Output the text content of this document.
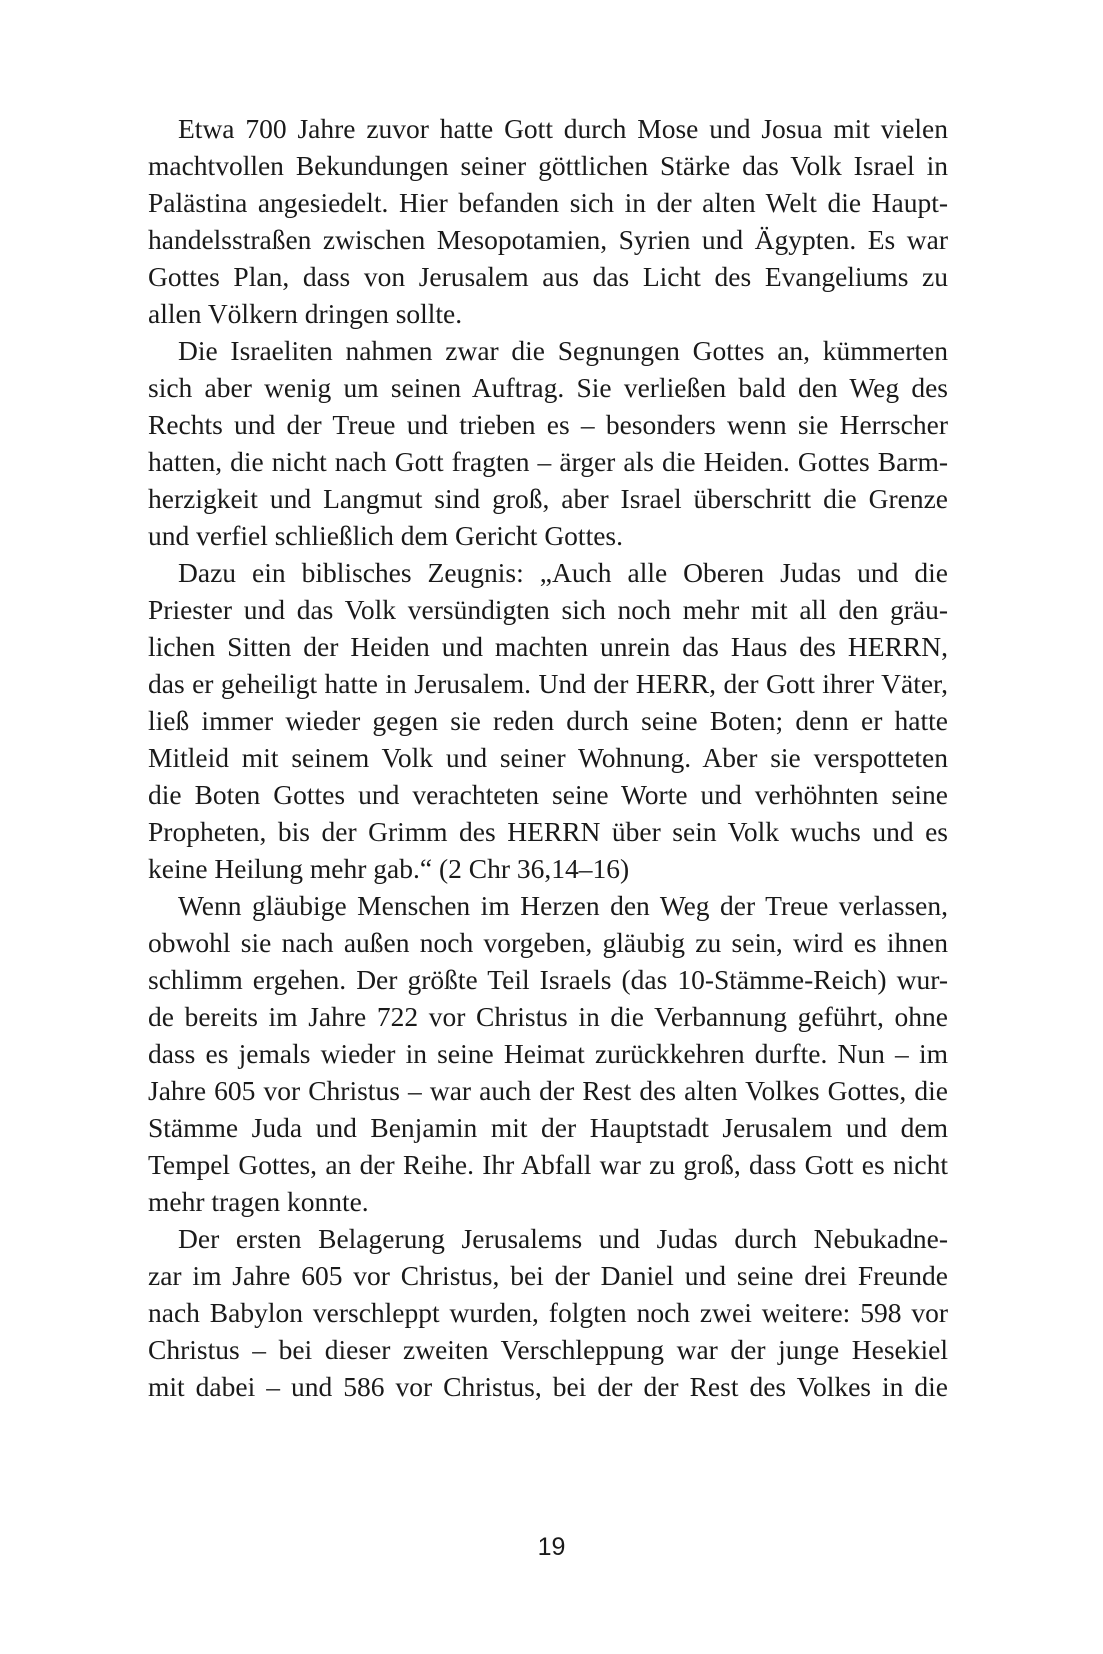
Etwa 700 Jahre zuvor hatte Gott durch Mose und Josua mit vielen
machtvollen Bekundungen seiner göttlichen Stärke das Volk Israel in
Palästina angesiedelt. Hier befanden sich in der alten Welt die Haupt-
handelsstraßen zwischen Mesopotamien, Syrien und Ägypten. Es war
Gottes Plan, dass von Jerusalem aus das Licht des Evangeliums zu
allen Völkern dringen sollte.
Die Israeliten nahmen zwar die Segnungen Gottes an, kümmerten
sich aber wenig um seinen Auftrag. Sie verließen bald den Weg des
Rechts und der Treue und trieben es – besonders wenn sie Herrscher
hatten, die nicht nach Gott fragten – ärger als die Heiden. Gottes Barm-
herzigkeit und Langmut sind groß, aber Israel überschritt die Grenze
und verfiel schließlich dem Gericht Gottes.
Dazu ein biblisches Zeugnis: „Auch alle Oberen Judas und die
Priester und das Volk versündigten sich noch mehr mit all den gräu-
lichen Sitten der Heiden und machten unrein das Haus des HERRN,
das er geheiligt hatte in Jerusalem. Und der HERR, der Gott ihrer Väter,
ließ immer wieder gegen sie reden durch seine Boten; denn er hatte
Mitleid mit seinem Volk und seiner Wohnung. Aber sie verspotteten
die Boten Gottes und verachteten seine Worte und verhöhnten seine
Propheten, bis der Grimm des HERRN über sein Volk wuchs und es
keine Heilung mehr gab.“ (2 Chr 36,14–16)
Wenn gläubige Menschen im Herzen den Weg der Treue verlassen,
obwohl sie nach außen noch vorgeben, gläubig zu sein, wird es ihnen
schlimm ergehen. Der größte Teil Israels (das 10-Stämme-Reich) wur-
de bereits im Jahre 722 vor Christus in die Verbannung geführt, ohne
dass es jemals wieder in seine Heimat zurückkehren durfte. Nun – im
Jahre 605 vor Christus – war auch der Rest des alten Volkes Gottes, die
Stämme Juda und Benjamin mit der Hauptstadt Jerusalem und dem
Tempel Gottes, an der Reihe. Ihr Abfall war zu groß, dass Gott es nicht
mehr tragen konnte.
Der ersten Belagerung Jerusalems und Judas durch Nebukadne-
zar im Jahre 605 vor Christus, bei der Daniel und seine drei Freunde
nach Babylon verschleppt wurden, folgten noch zwei weitere: 598 vor
Christus – bei dieser zweiten Verschleppung war der junge Hesekiel
mit dabei – und 586 vor Christus, bei der der Rest des Volkes in die
19
